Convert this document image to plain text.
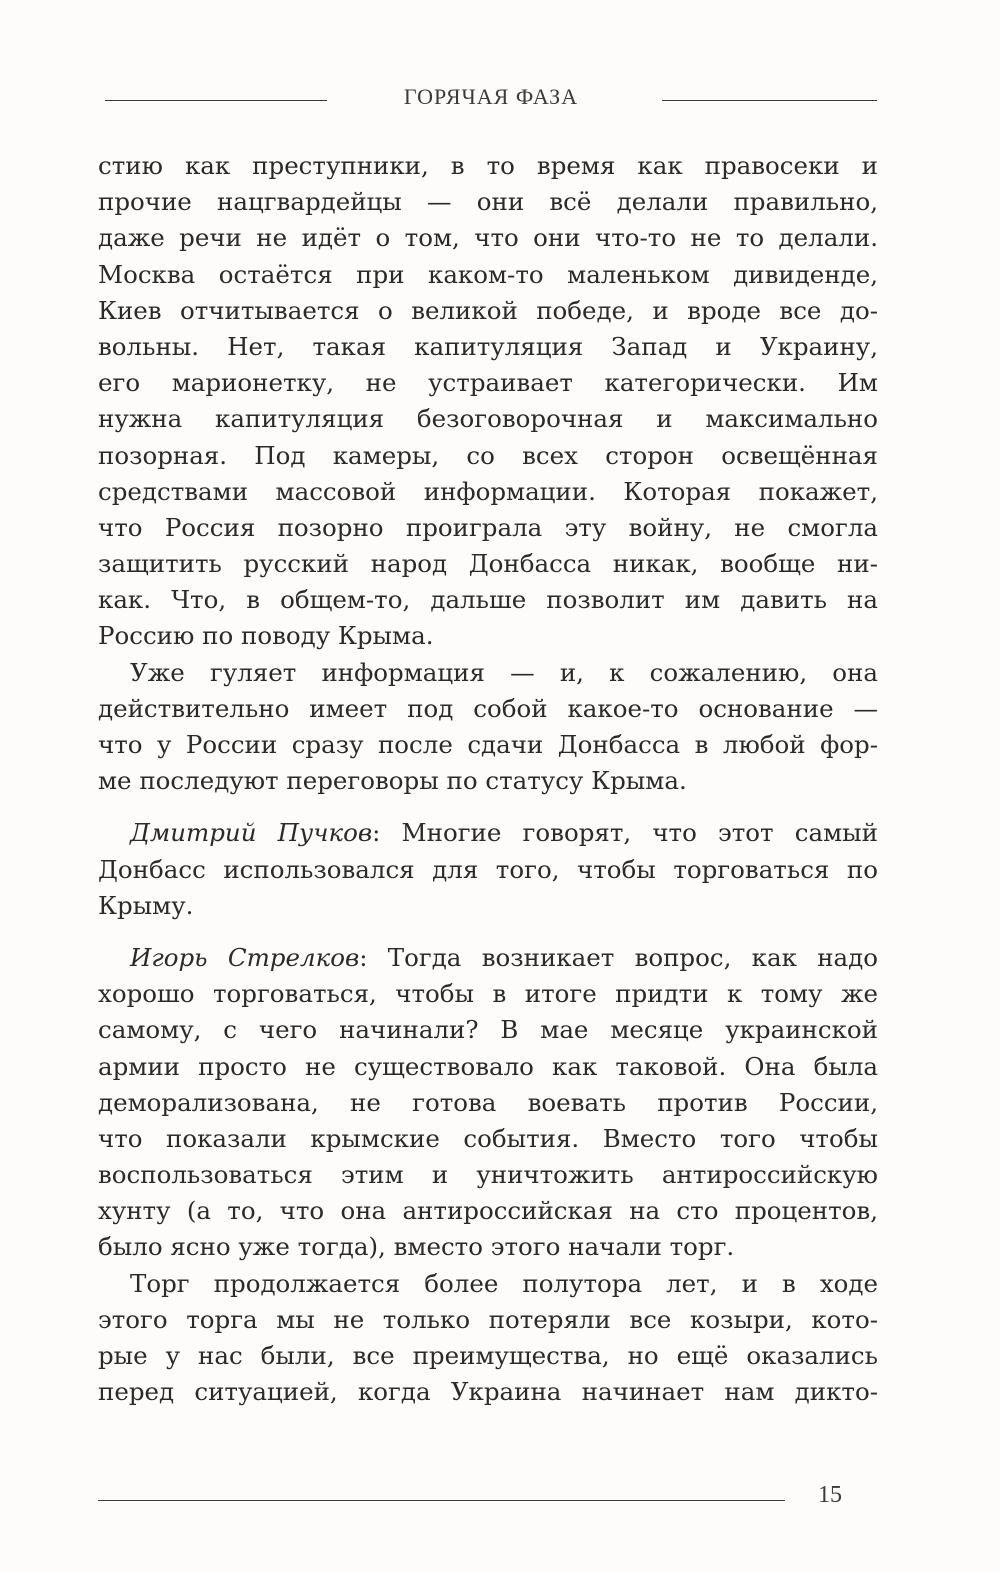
ГОРЯЧАЯ ФАЗА
стию как преступники, в то время как правосеки и
прочие нацгвардейцы — они всё делали правильно,
даже речи не идёт о том, что они что-то не то делали.
Москва остаётся при каком-то маленьком дивиденде,
Киев отчитывается о великой победе, и вроде все до-
вольны. Нет, такая капитуляция Запад и Украину,
его марионетку, не устраивает категорически. Им
нужна капитуляция безоговорочная и максимально
позорная. Под камеры, со всех сторон освещённая
средствами массовой информации. Которая покажет,
что Россия позорно проиграла эту войну, не смогла
защитить русский народ Донбасса никак, вообще ни-
как. Что, в общем-то, дальше позволит им давить на
Россию по поводу Крыма.
Уже гуляет информация — и, к сожалению, она
действительно имеет под собой какое-то основание —
что у России сразу после сдачи Донбасса в любой фор-
ме последуют переговоры по статусу Крыма.
Дмитрий Пучков: Многие говорят, что этот самый
Донбасс использовался для того, чтобы торговаться по
Крыму.
Игорь Стрелков: Тогда возникает вопрос, как надо
хорошо торговаться, чтобы в итоге придти к тому же
самому, с чего начинали? В мае месяце украинской
армии просто не существовало как таковой. Она была
деморализована, не готова воевать против России,
что показали крымские события. Вместо того чтобы
воспользоваться этим и уничтожить антироссийскую
хунту (а то, что она антироссийская на сто процентов,
было ясно уже тогда), вместо этого начали торг.
Торг продолжается более полутора лет, и в ходе
этого торга мы не только потеряли все козыри, кото-
рые у нас были, все преимущества, но ещё оказались
перед ситуацией, когда Украина начинает нам дикто-
15
